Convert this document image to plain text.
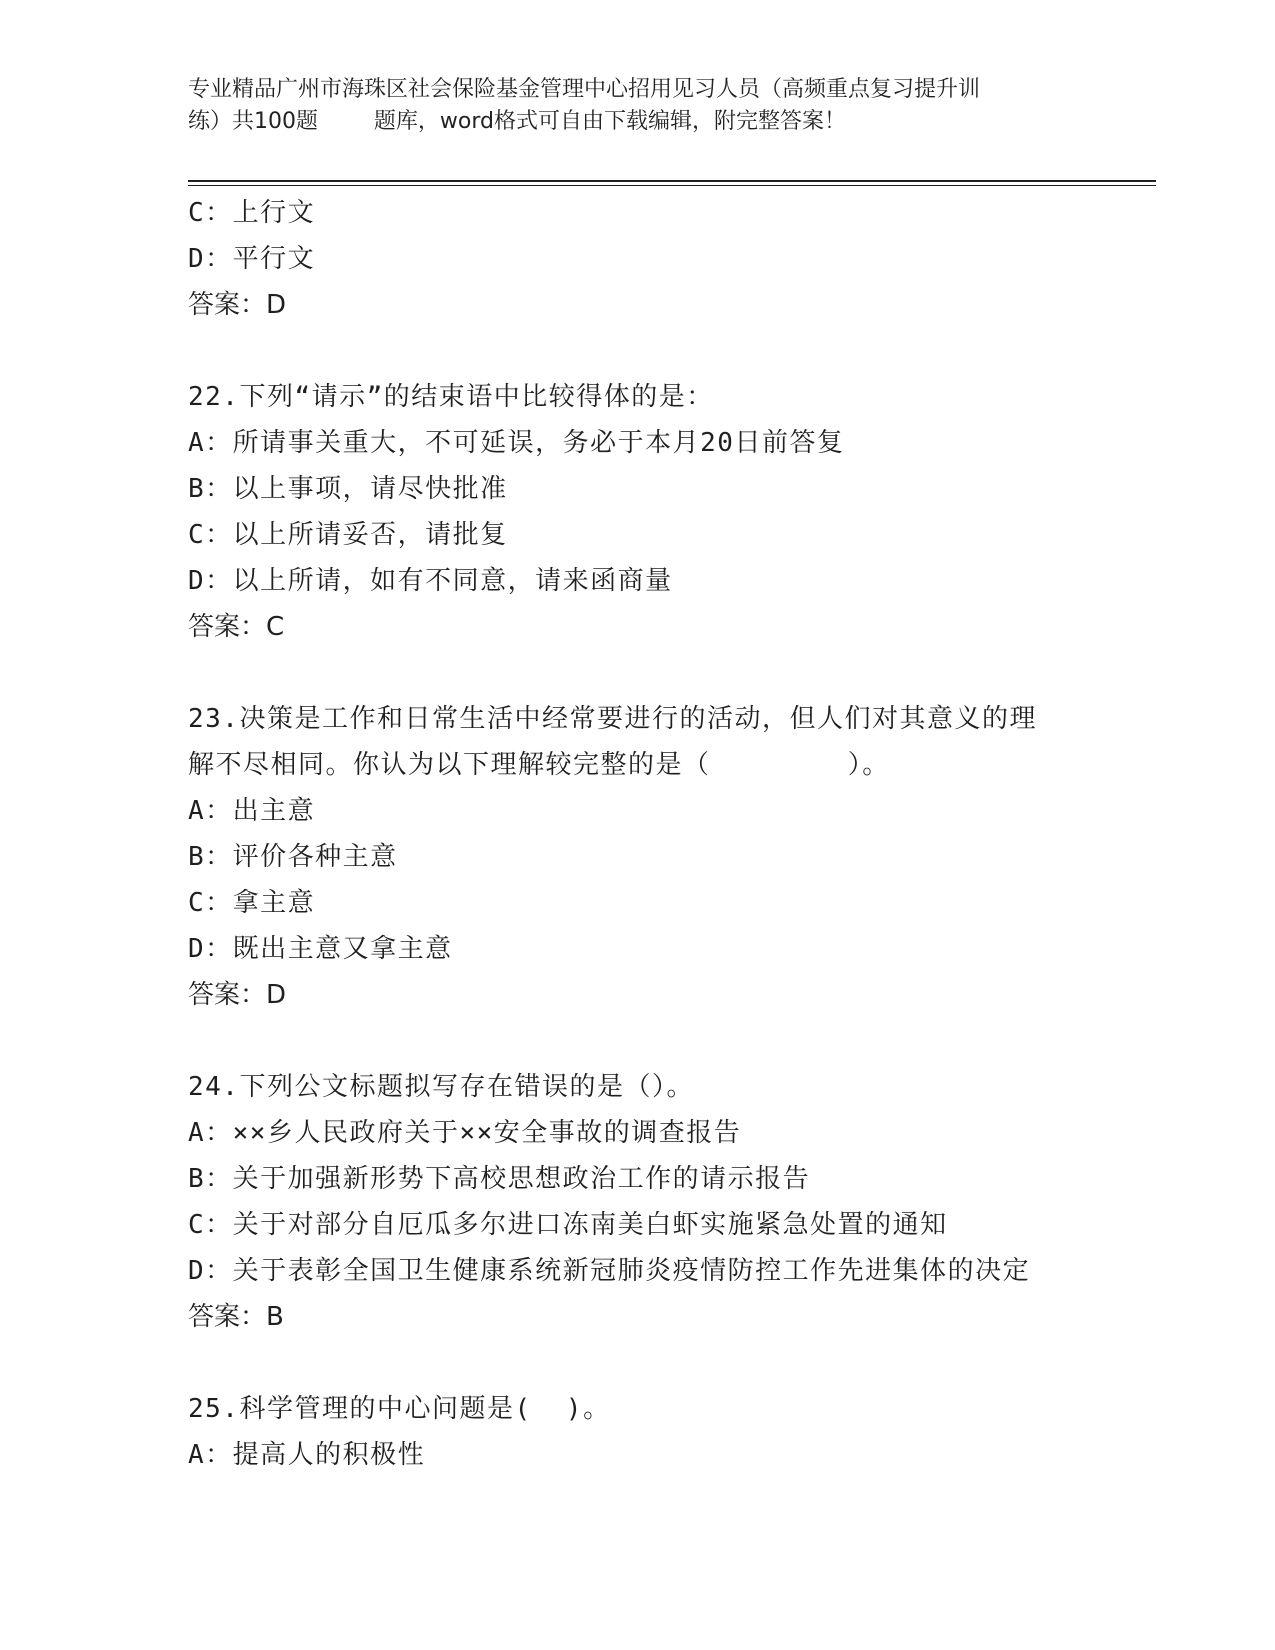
专业精品广州市海珠区社会保险基金管理中心招用见习人员（高频重点复习提升训
练）共100题        题库，word格式可自由下载编辑，附完整答案！
C：上行文
D：平行文
答案：D
22.下列“请示”的结束语中比较得体的是：
A：所请事关重大，不可延误，务必于本月20日前答复
B：以上事项，请尽快批准
C：以上所请妥否，请批复
D：以上所请，如有不同意，请来函商量
答案：C
23.决策是工作和日常生活中经常要进行的活动，但人们对其意义的理
解不尽相同。你认为以下理解较完整的是（        ）。
A：出主意
B：评价各种主意
C：拿主意
D：既出主意又拿主意
答案：D
24.下列公文标题拟写存在错误的是（）。
A：××乡人民政府关于××安全事故的调查报告
B：关于加强新形势下高校思想政治工作的请示报告
C：关于对部分自厄瓜多尔进口冻南美白虾实施紧急处置的通知
D：关于表彰全国卫生健康系统新冠肺炎疫情防控工作先进集体的决定
答案：B
25.科学管理的中心问题是(  )。
A：提高人的积极性
